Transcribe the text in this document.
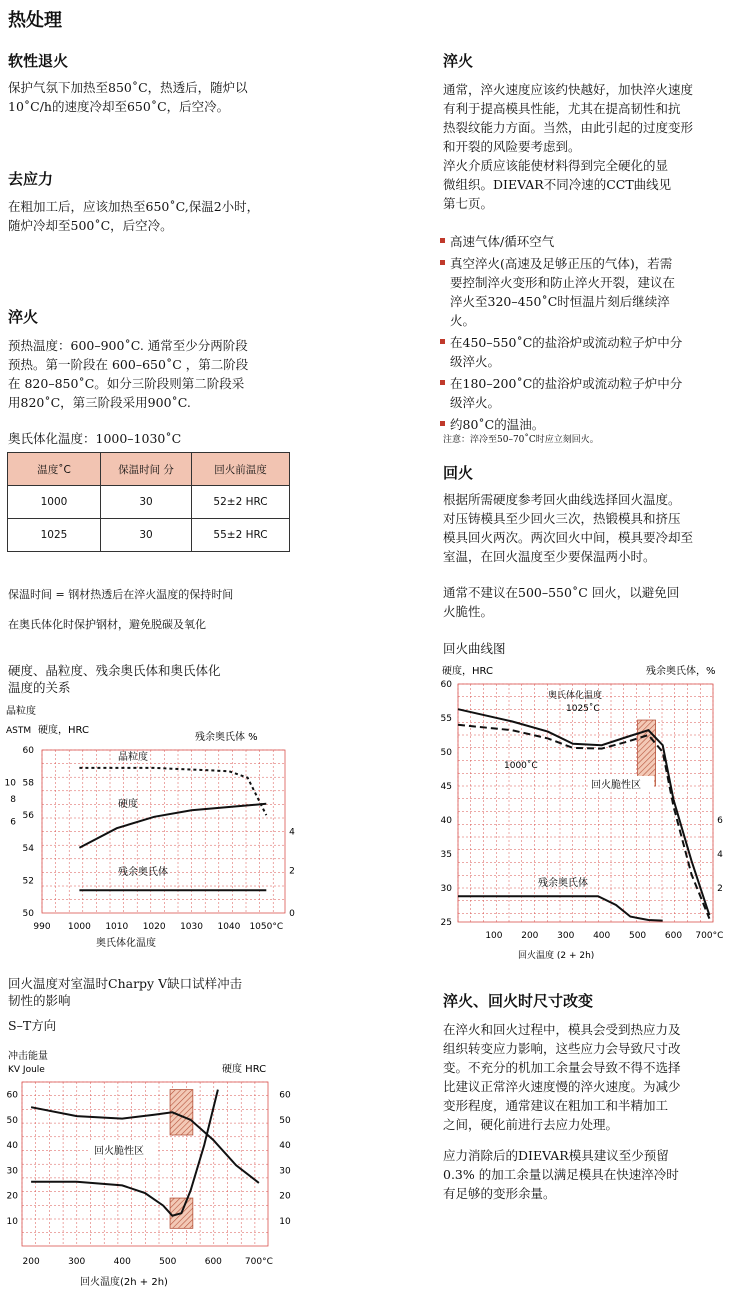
热处理
软性退火
保护气氛下加热至850˚C，热透后，随炉以
10˚C/h的速度冷却至650˚C，后空冷。
去应力
在粗加工后，应该加热至650˚C,保温2小时，
随炉冷却至500˚C，后空冷。
淬火
预热温度：600–900˚C. 通常至少分两阶段
预热。第一阶段在 600–650˚C ，第二阶段
在 820–850˚C。如分三阶段则第二阶段采
用820˚C，第三阶段采用900˚C.
奥氏体化温度：1000–1030˚C
温度˚C	保温时间 分	回火前温度
1000	30	52±2 HRC
1025	30	55±2 HRC
保温时间 = 钢材热透后在淬火温度的保持时间
在奥氏体化时保护钢材，避免脱碳及氧化
硬度、晶粒度、残余奥氏体和奥氏体化
温度的关系
晶粒度
ASTM 硬度，HRC
残余奥氏体 %
990 1000 1010 1020 1030 1040 1050°C
50
52
54
56
58
60
10
8
6
0
2
4
晶粒度
硬度
残余奥氏体
奥氏体化温度
回火温度对室温时Charpy V缺口试样冲击
韧性的影响
S–T方向
冲击能量
KV Joule	硬度 HRC
200	300	400	500	600	700°C
10
20
30
40
50
60
10
20
30
40
50
60
回火脆性区
回火温度(2h + 2h)
淬火
通常，淬火速度应该约快越好，加快淬火速度
有利于提高模具性能，尤其在提高韧性和抗
热裂纹能力方面。当然，由此引起的过度变形
和开裂的风险要考虑到。
淬火介质应该能使材料得到完全硬化的显
微组织。DIEVAR不同冷速的CCT曲线见
第七页。
高速气体/循环空气
真空淬火(高速及足够正压的气体)，若需
要控制淬火变形和防止淬火开裂，建议在
淬火至320–450˚C时恒温片刻后继续淬
火。
在450–550˚C的盐浴炉或流动粒子炉中分
级淬火。
在180–200˚C的盐浴炉或流动粒子炉中分
级淬火。
约80˚C的温油。
注意：淬冷至50–70˚C时应立刻回火。
回火
根据所需硬度参考回火曲线选择回火温度。
对压铸模具至少回火三次，热锻模具和挤压
模具回火两次。两次回火中间，模具要冷却至
室温，在回火温度至少要保温两小时。
通常不建议在500–550˚C 回火，以避免回
火脆性。
回火曲线图
硬度，HRC	残余奥氏体，%
100 200 300 400 500 600 700°C
25
30
35
40
45
50
55
60
2
4
6
奥氏体化温度
1025˚C
1000˚C
回火脆性区
残余奥氏体
回火温度 (2 + 2h)
淬火、回火时尺寸改变
在淬火和回火过程中，模具会受到热应力及
组织转变应力影响，这些应力会导致尺寸改
变。不充分的机加工余量会导致不得不选择
比建议正常淬火速度慢的淬火速度。为减少
变形程度，通常建议在粗加工和半精加工
之间，硬化前进行去应力处理。
应力消除后的DIEVAR模具建议至少预留
0.3% 的加工余量以满足模具在快速淬冷时
有足够的变形余量。
